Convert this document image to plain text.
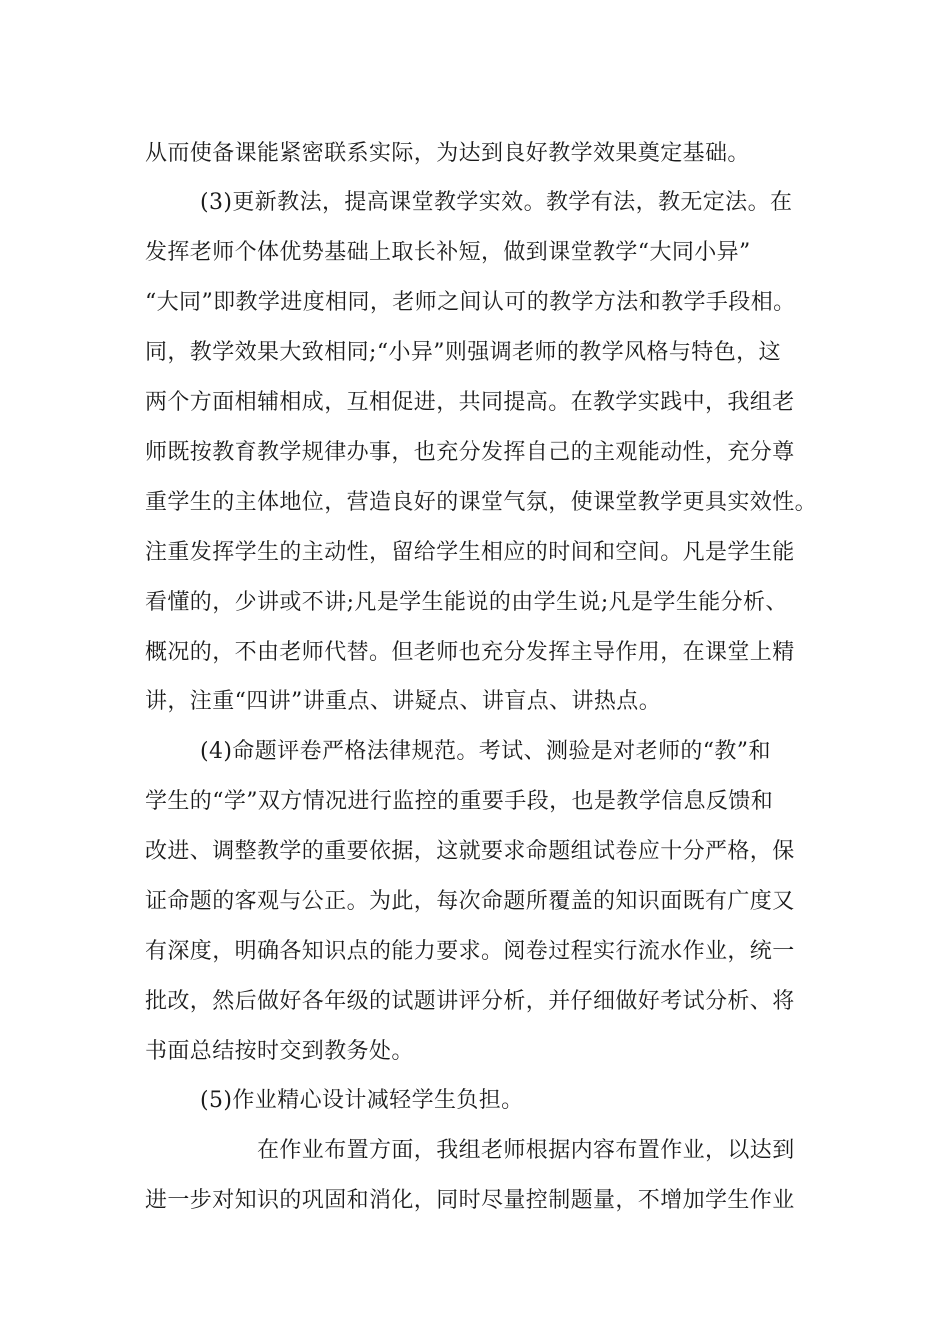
从而使备课能紧密联系实际，为达到良好教学效果奠定基础。
(3)更新教法，提高课堂教学实效。教学有法，教无定法。在
发挥老师个体优势基础上取长补短，做到课堂教学“大同小异”
“大同”即教学进度相同，老师之间认可的教学方法和教学手段相。
同，教学效果大致相同;“小异”则强调老师的教学风格与特色，这
两个方面相辅相成，互相促进，共同提高。在教学实践中，我组老
师既按教育教学规律办事，也充分发挥自己的主观能动性，充分尊
重学生的主体地位，营造良好的课堂气氛，使课堂教学更具实效性。
注重发挥学生的主动性，留给学生相应的时间和空间。凡是学生能
看懂的，少讲或不讲;凡是学生能说的由学生说;凡是学生能分析、
概况的，不由老师代替。但老师也充分发挥主导作用，在课堂上精
讲，注重“四讲”讲重点、讲疑点、讲盲点、讲热点。
(4)命题评卷严格法律规范。考试、测验是对老师的“教”和
学生的“学”双方情况进行监控的重要手段，也是教学信息反馈和
改进、调整教学的重要依据，这就要求命题组试卷应十分严格，保
证命题的客观与公正。为此，每次命题所覆盖的知识面既有广度又
有深度，明确各知识点的能力要求。阅卷过程实行流水作业，统一
批改，然后做好各年级的试题讲评分析，并仔细做好考试分析、将
书面总结按时交到教务处。
(5)作业精心设计减轻学生负担。
在作业布置方面，我组老师根据内容布置作业，以达到
进一步对知识的巩固和消化，同时尽量控制题量，不增加学生作业
